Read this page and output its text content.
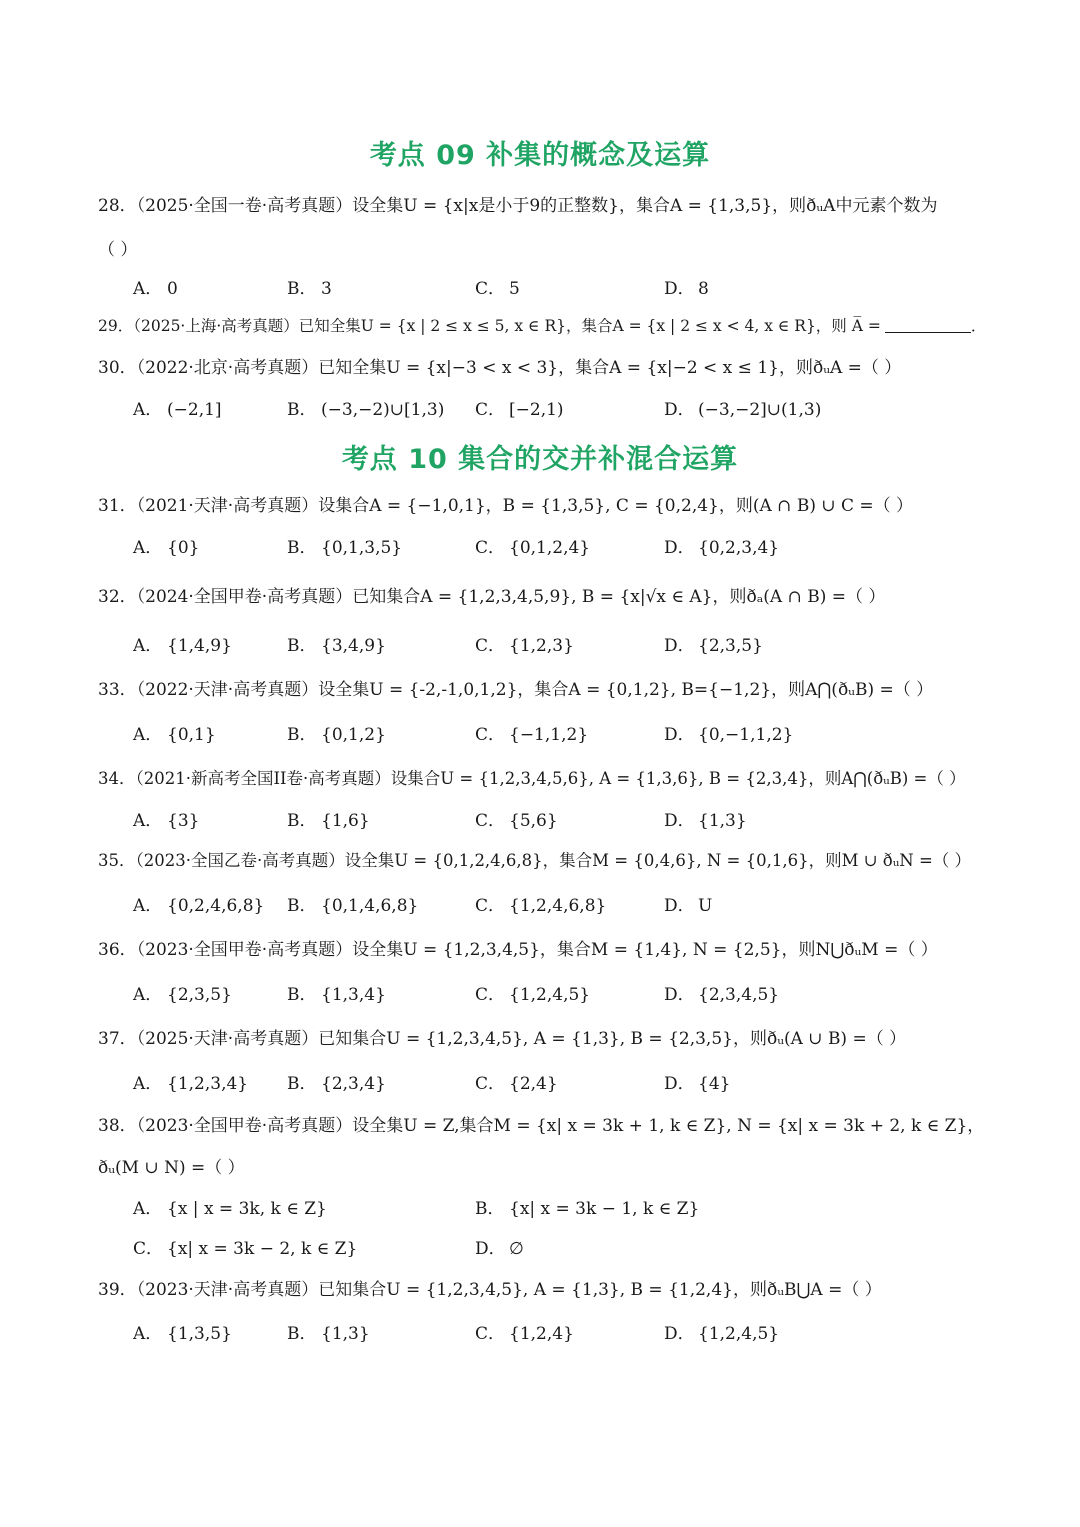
考点 09 补集的概念及运算
28．（2025·全国一卷·高考真题）设全集U = {x|x是小于9的正整数}，集合A = {1,3,5}，则ðᵤA中元素个数为
（ ）
A． 0	B． 3	C． 5	D． 8
29．（2025·上海·高考真题）已知全集U = {x | 2 ≤ x ≤ 5, x ∈ R}，集合A = {x | 2 ≤ x < 4, x ∈ R}，则 A̅ =	．
30．（2022·北京·高考真题）已知全集U = {x|−3 < x < 3}，集合A = {x|−2 < x ≤ 1}，则ðᵤA =（ ）
A． (−2,1]	B． (−3,−2)∪[1,3) C． [−2,1)	D． (−3,−2]∪(1,3)
考点 10 集合的交并补混合运算
31．（2021·天津·高考真题）设集合A = {−1,0,1}，B = {1,3,5}, C = {0,2,4}，则(A ∩ B) ∪ C =（ ）
A． {0}	B． {0,1,3,5}	C． {0,1,2,4}	D． {0,2,3,4}
32．（2024·全国甲卷·高考真题）已知集合A = {1,2,3,4,5,9}, B = {x|√x ∈ A}，则ðₐ(A ∩ B) =（ ）
A． {1,4,9}	B． {3,4,9}	C． {1,2,3}	D． {2,3,5}
33．（2022·天津·高考真题）设全集U = {-2,-1,0,1,2}，集合A = {0,1,2}, B={−1,2}，则A⋂(ðᵤB) =（ ）
A． {0,1}	B． {0,1,2}	C． {−1,1,2}	D． {0,−1,1,2}
34．（2021·新高考全国II卷·高考真题）设集合U = {1,2,3,4,5,6}, A = {1,3,6}, B = {2,3,4}，则A⋂(ðᵤB) =（ ）
A． {3}	B． {1,6}	C． {5,6}	D． {1,3}
35．（2023·全国乙卷·高考真题）设全集U = {0,1,2,4,6,8}，集合M = {0,4,6}, N = {0,1,6}，则M ∪ ðᵤN =（ ）
A． {0,2,4,6,8} B． {0,1,4,6,8}	C． {1,2,4,6,8}	D． U
36．（2023·全国甲卷·高考真题）设全集U = {1,2,3,4,5}，集合M = {1,4}, N = {2,5}，则N⋃ðᵤM =（ ）
A． {2,3,5}	B． {1,3,4}	C． {1,2,4,5}	D． {2,3,4,5}
37．（2025·天津·高考真题）已知集合U = {1,2,3,4,5}, A = {1,3}, B = {2,3,5}，则ðᵤ(A ∪ B) =（ ）
A． {1,2,3,4} B． {2,3,4}	C． {2,4}	D． {4}
38．（2023·全国甲卷·高考真题）设全集U = Z,集合M = {x| x = 3k + 1, k ∈ Z}, N = {x| x = 3k + 2, k ∈ Z}，
ðᵤ(M ∪ N) =（ ）
A． {x | x = 3k, k ∈ Z}	B． {x| x = 3k − 1, k ∈ Z}
C． {x| x = 3k − 2, k ∈ Z}	D． ∅
39．（2023·天津·高考真题）已知集合U = {1,2,3,4,5}, A = {1,3}, B = {1,2,4}，则ðᵤB⋃A =（ ）
A． {1,3,5}	B． {1,3}	C． {1,2,4}	D． {1,2,4,5}
